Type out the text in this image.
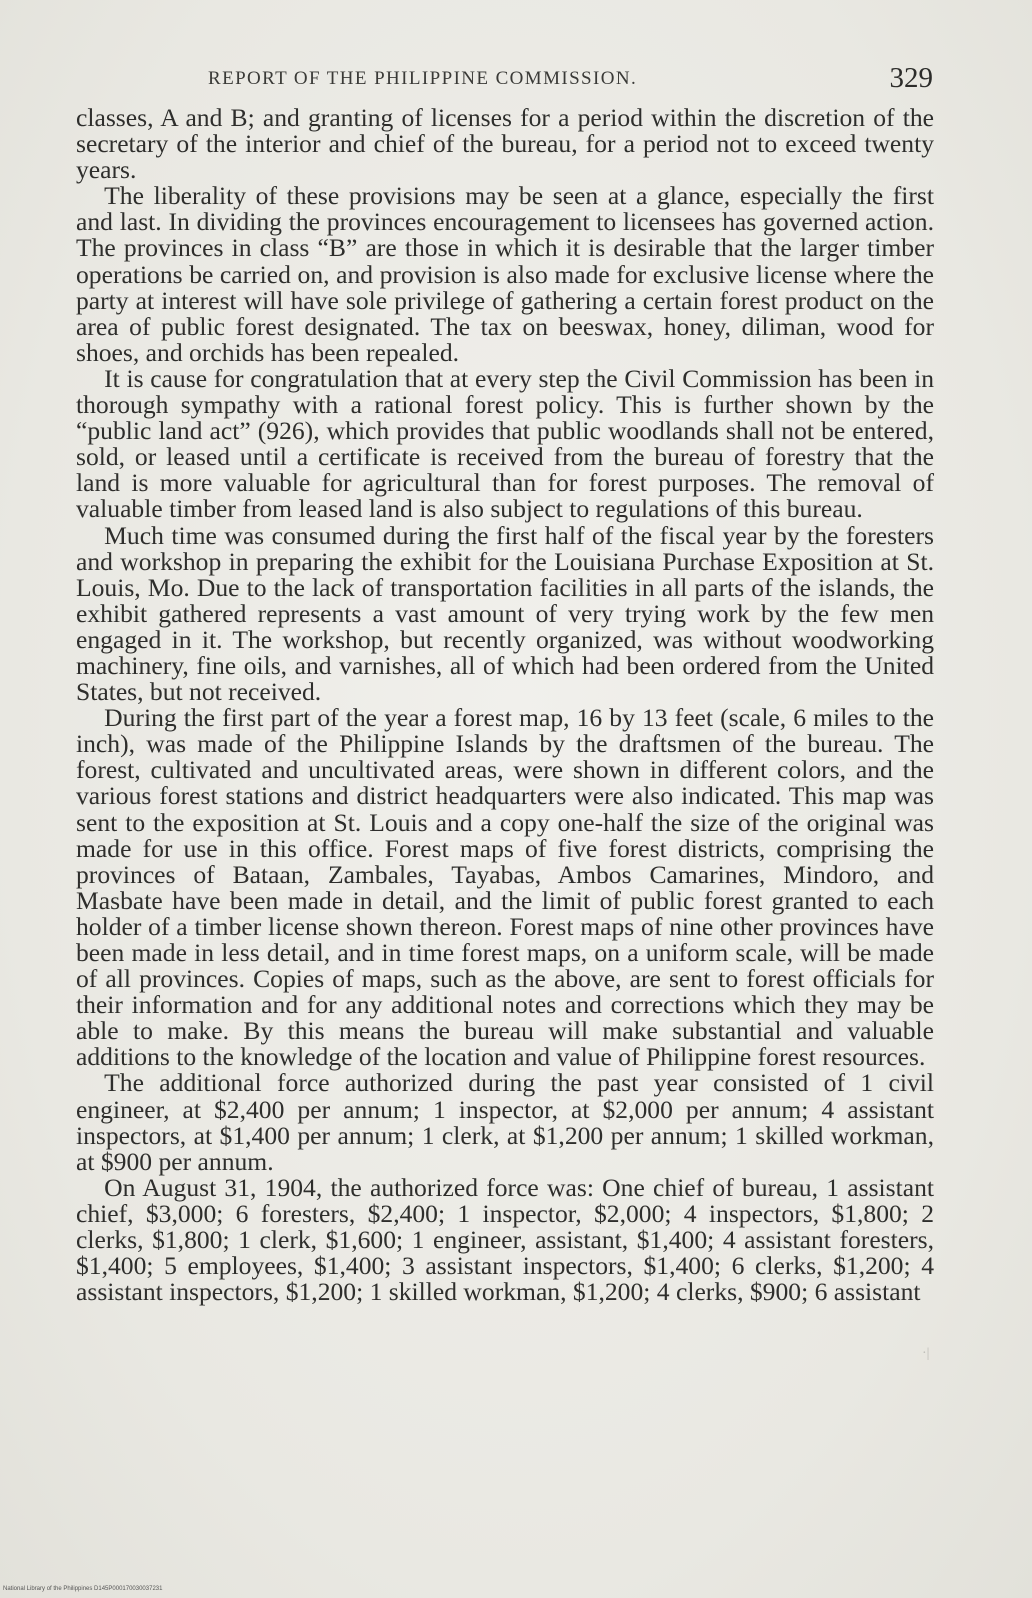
REPORT OF THE PHILIPPINE COMMISSION.	329

classes, A and B; and granting of licenses for a period within the discretion of the secretary of the interior and chief of the bureau, for a period not to exceed twenty years.

The liberality of these provisions may be seen at a glance, especially the first and last. In dividing the provinces encouragement to licensees has governed action. The provinces in class “B” are those in which it is desirable that the larger timber operations be carried on, and provision is also made for exclusive license where the party at interest will have sole privilege of gathering a certain forest product on the area of public forest designated. The tax on beeswax, honey, diliman, wood for shoes, and orchids has been repealed.

It is cause for congratulation that at every step the Civil Commission has been in thorough sympathy with a rational forest policy. This is further shown by the “public land act” (926), which provides that public woodlands shall not be entered, sold, or leased until a certificate is received from the bureau of forestry that the land is more valuable for agricultural than for forest purposes. The removal of valuable timber from leased land is also subject to regulations of this bureau.

Much time was consumed during the first half of the fiscal year by the foresters and workshop in preparing the exhibit for the Louisiana Purchase Exposition at St. Louis, Mo. Due to the lack of transportation facilities in all parts of the islands, the exhibit gathered represents a vast amount of very trying work by the few men engaged in it. The workshop, but recently organized, was without woodworking machinery, fine oils, and varnishes, all of which had been ordered from the United States, but not received.

During the first part of the year a forest map, 16 by 13 feet (scale, 6 miles to the inch), was made of the Philippine Islands by the draftsmen of the bureau. The forest, cultivated and uncultivated areas, were shown in different colors, and the various forest stations and district headquarters were also indicated. This map was sent to the exposition at St. Louis and a copy one-half the size of the original was made for use in this office. Forest maps of five forest districts, comprising the provinces of Bataan, Zambales, Tayabas, Ambos Camarines, Mindoro, and Masbate have been made in detail, and the limit of public forest granted to each holder of a timber license shown thereon. Forest maps of nine other provinces have been made in less detail, and in time forest maps, on a uniform scale, will be made of all provinces. Copies of maps, such as the above, are sent to forest officials for their information and for any additional notes and corrections which they may be able to make. By this means the bureau will make substantial and valuable additions to the knowledge of the location and value of Philippine forest resources.

The additional force authorized during the past year consisted of 1 civil engineer, at $2,400 per annum; 1 inspector, at $2,000 per annum; 4 assistant inspectors, at $1,400 per annum; 1 clerk, at $1,200 per annum; 1 skilled workman, at $900 per annum.

On August 31, 1904, the authorized force was: One chief of bureau, 1 assistant chief, $3,000; 6 foresters, $2,400; 1 inspector, $2,000; 4 inspectors, $1,800; 2 clerks, $1,800; 1 clerk, $1,600; 1 engineer, assistant, $1,400; 4 assistant foresters, $1,400; 5 employees, $1,400; 3 assistant inspectors, $1,400; 6 clerks, $1,200; 4 assistant inspectors, $1,200; 1 skilled workman, $1,200; 4 clerks, $900; 6 assistant

·|
National Library of the Philippines D145P000170030037231
